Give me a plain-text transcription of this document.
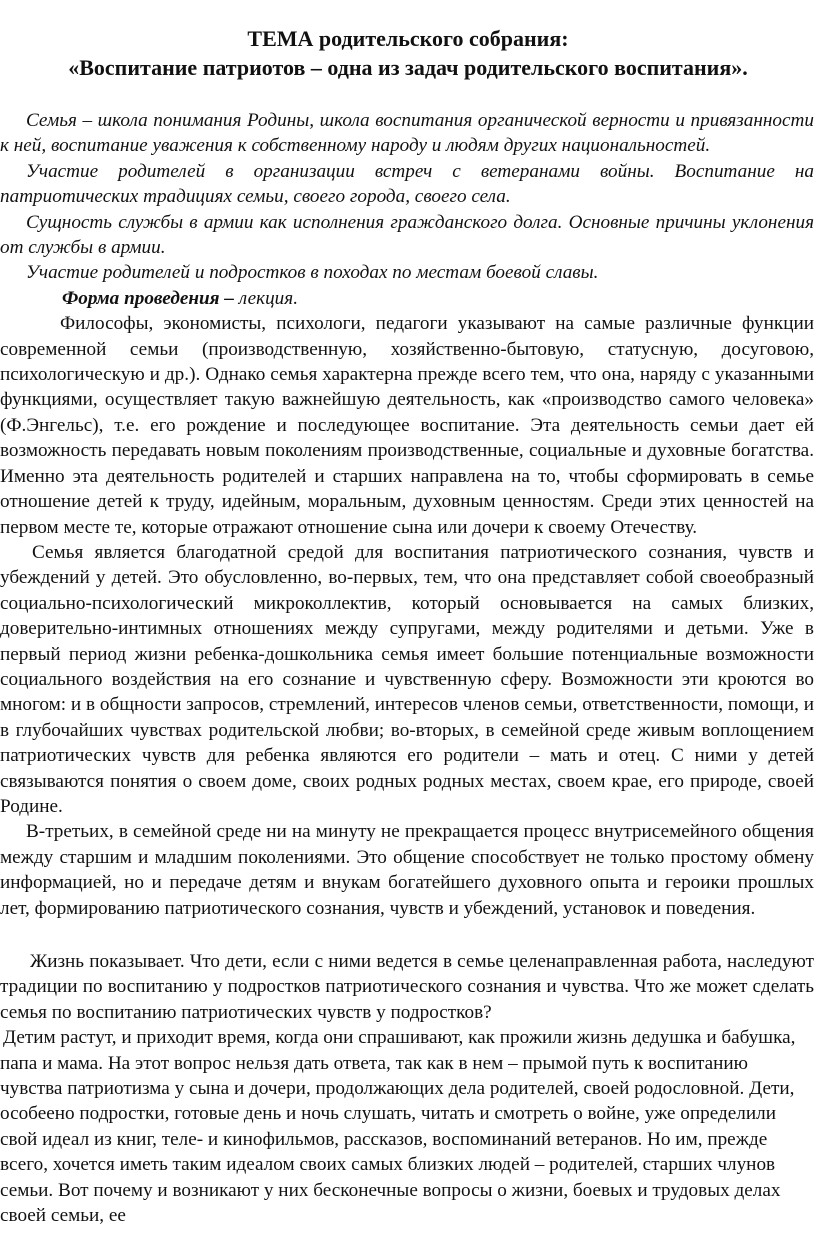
ТЕМА родительского собрания:
«Воспитание патриотов – одна из задач родительского воспитания».

Семья – школа понимания Родины, школа воспитания органической верности и привязанности к ней, воспитание уважения к собственному народу и людям других национальностей.

Участие родителей в организации встреч с ветеранами войны. Воспитание на патриотических традициях семьи, своего города, своего села.

Сущность службы в армии как исполнения гражданского долга. Основные причины уклонения от службы в армии.

Участие родителей и подростков в походах по местам боевой славы.

Форма проведения – лекция.

Философы, экономисты, психологи, педагоги указывают на самые различные функции современной семьи (производственную, хозяйственно-бытовую, статусную, досуговою, психологическую и др.). Однако семья характерна прежде всего тем, что она, наряду с указанными функциями, осуществляет такую важнейшую деятельность, как «производство самого человека» (Ф.Энгельс), т.е. его рождение и последующее воспитание. Эта деятельность семьи дает ей возможность передавать новым поколениям производственные, социальные и духовные богатства. Именно эта деятельность родителей и старших направлена на то, чтобы сформировать в семье отношение детей к труду, идейным, моральным, духовным ценностям. Среди этих ценностей на первом месте те, которые отражают отношение сына или дочери к своему Отечеству.

Семья является благодатной средой для воспитания патриотического сознания, чувств и убеждений у детей. Это обусловленно, во-первых, тем, что она представляет собой своеобразный социально-психологический микроколлектив, который основывается на самых близких, доверительно-интимных отношениях между супругами, между родителями и детьми. Уже в первый период жизни ребенка-дошкольника семья имеет большие потенциальные возможности социального воздействия на его сознание и чувственную сферу. Возможности эти кроются во многом: и в общности запросов, стремлений, интересов членов семьи, ответственности, помощи, и в глубочайших чувствах родительской любви; во-вторых, в семейной среде живым воплощением патриотических чувств для ребенка являются его родители – мать и отец. С ними у детей связываются понятия о своем доме, своих родных родных местах, своем крае, его природе, своей Родине.

В-третьих, в семейной среде ни на минуту не прекращается процесс внутрисемейного общения между старшим и младшим поколениями. Это общение способствует не только простому обмену информацией, но и передаче детям и внукам богатейшего духовного опыта и героики прошлых лет, формированию патриотического сознания, чувств и убеждений, установок и поведения.

Жизнь показывает. Что дети, если с ними ведется в семье целенаправленная работа, наследуют традиции по воспитанию у подростков патриотического сознания и чувства. Что же может сделать семья по воспитанию патриотических чувств у подростков?

Детим растут, и приходит время, когда они спрашивают, как прожили жизнь дедушка и бабушка, папа и мама. На этот вопрос нельзя дать ответа, так как в нем – прымой путь к воспитанию чувства патриотизма у сына и дочери, продолжающих дела родителей, своей родословной. Дети, особеено подростки, готовые день и ночь слушать, читать и смотреть о войне, уже определили свой идеал из книг, теле- и кинофильмов, рассказов, воспоминаний ветеранов. Но им, прежде всего, хочется иметь таким идеалом своих самых близких людей – родителей, старших члунов семьи. Вот почему и возникают у них бесконечные вопросы о жизни, боевых и трудовых делах своей семьи, ее
